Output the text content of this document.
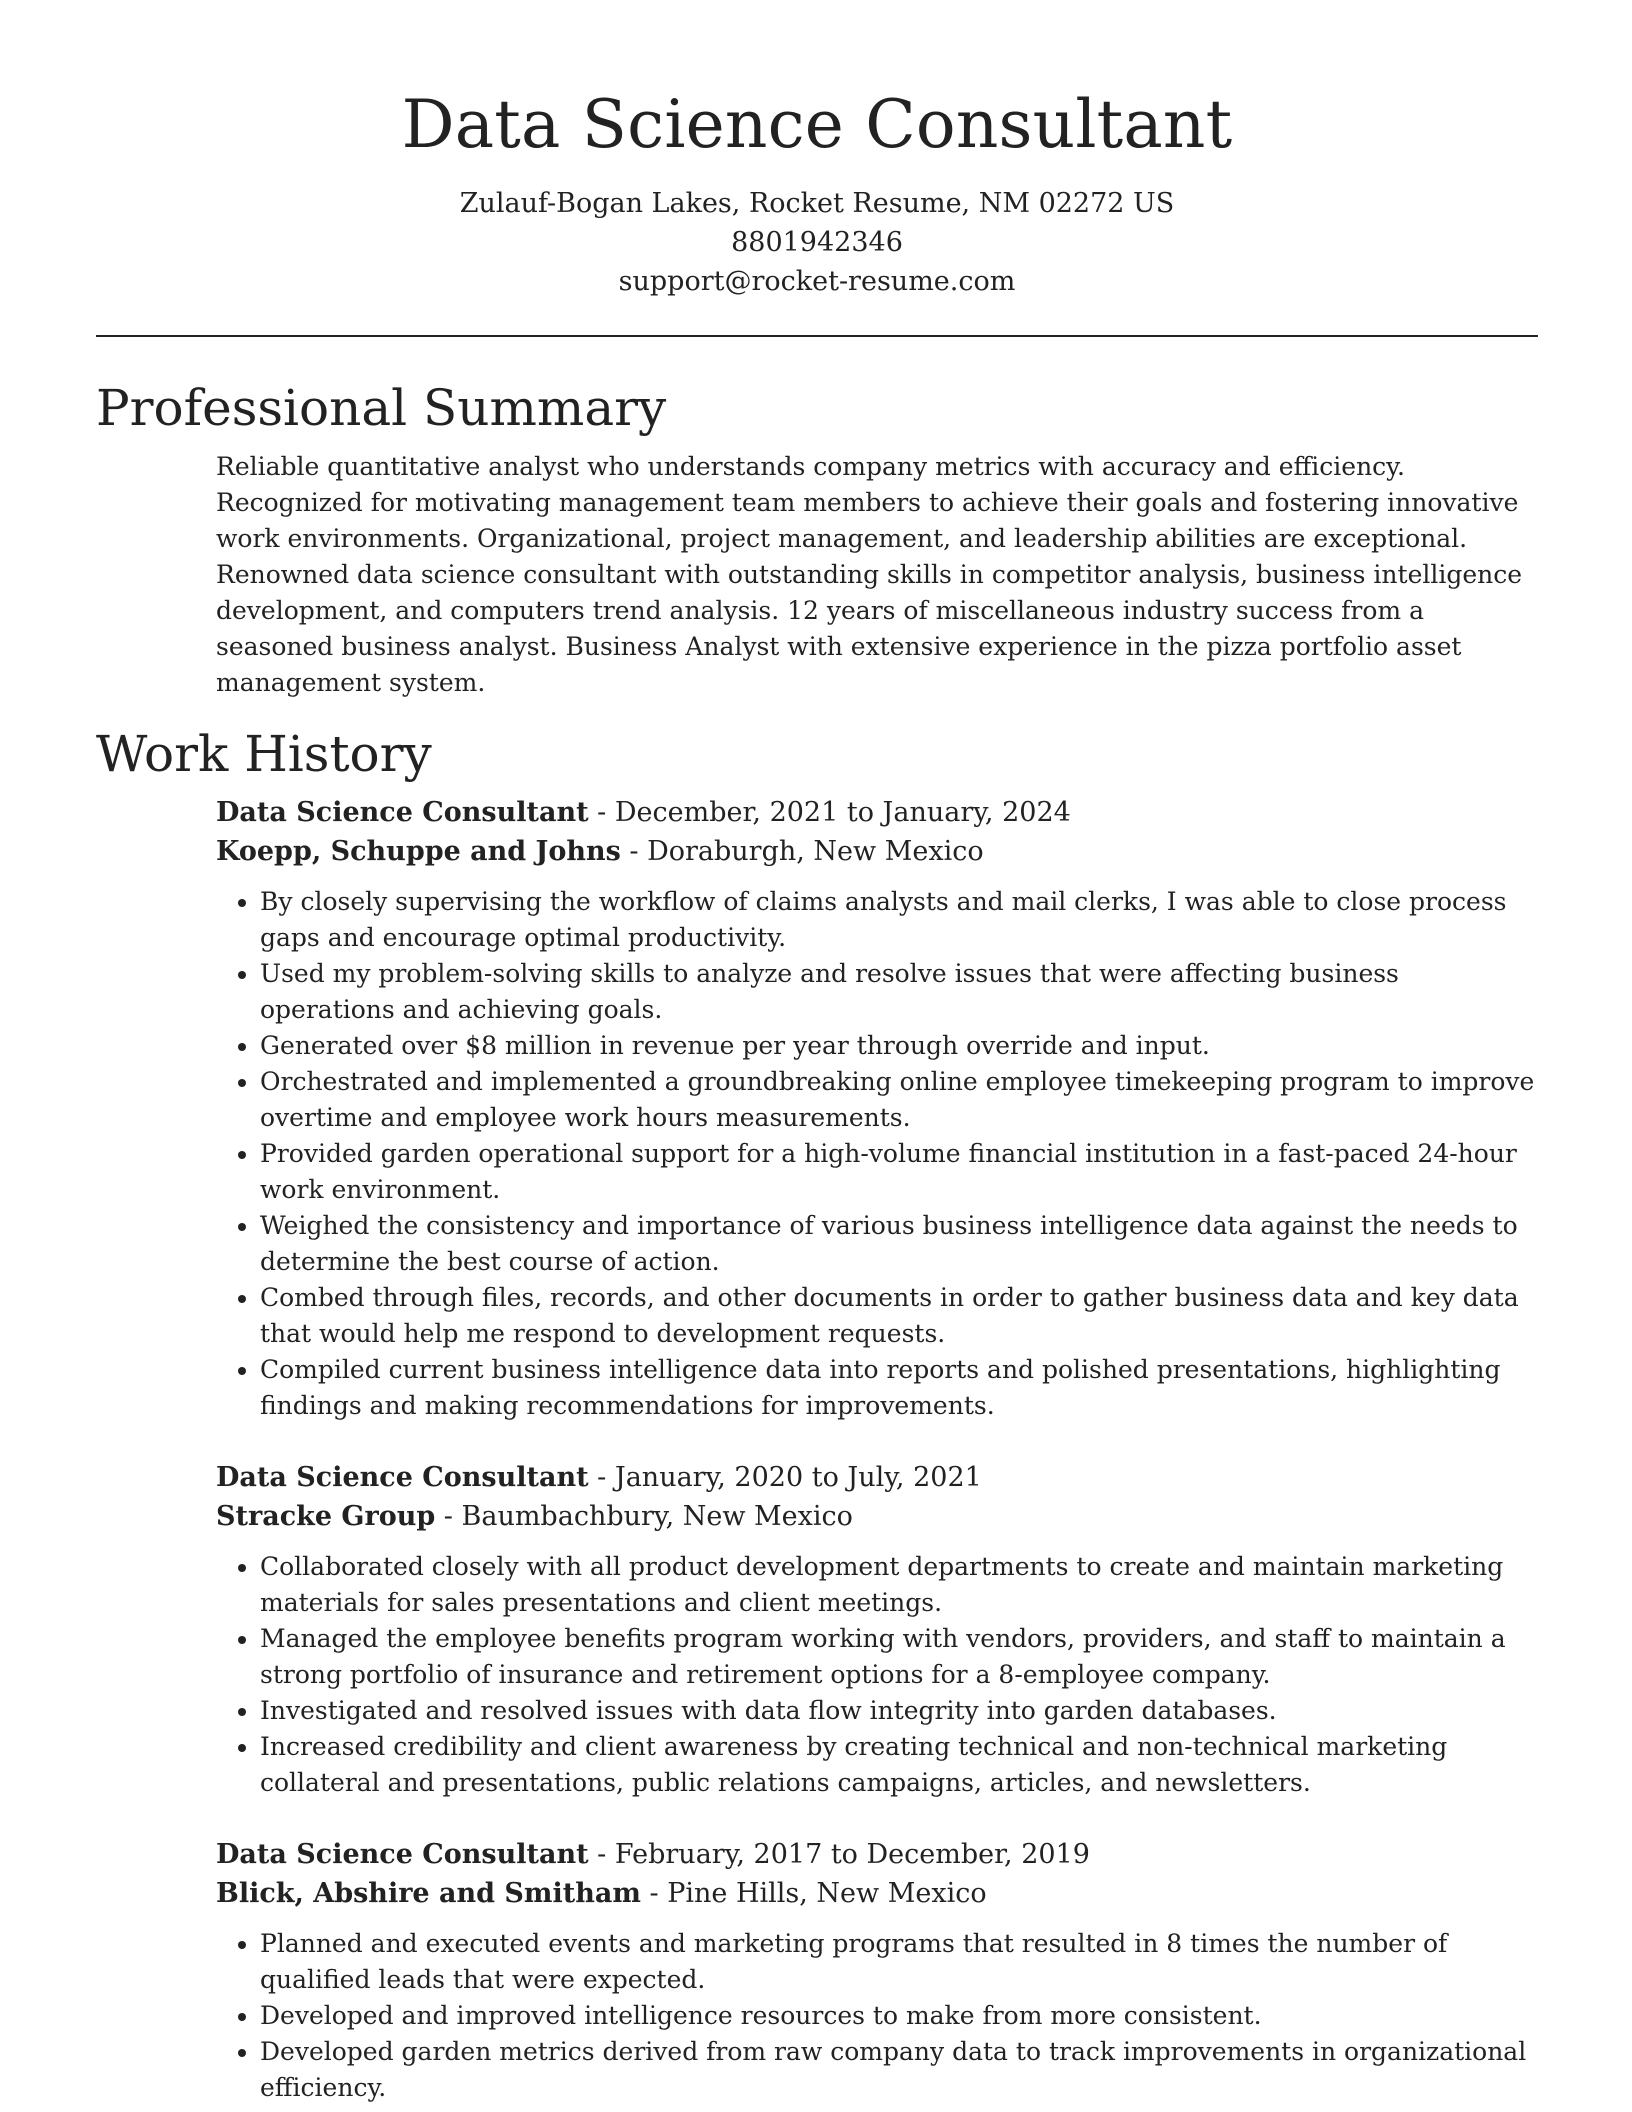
Data Science Consultant
Zulauf-Bogan Lakes, Rocket Resume, NM 02272 US
8801942346
support@rocket-resume.com
Professional Summary

Reliable quantitative analyst who understands company metrics with accuracy and efficiency. Recognized for motivating management team members to achieve their goals and fostering innovative work environments. Organizational, project management, and leadership abilities are exceptional. Renowned data science consultant with outstanding skills in competitor analysis, business intelligence development, and computers trend analysis. 12 years of miscellaneous industry success from a seasoned business analyst. Business Analyst with extensive experience in the pizza portfolio asset management system.

Work History
Data Science Consultant - December, 2021 to January, 2024
Koepp, Schuppe and Johns - Doraburgh, New Mexico
• By closely supervising the workflow of claims analysts and mail clerks, I was able to close process gaps and encourage optimal productivity.
• Used my problem-solving skills to analyze and resolve issues that were affecting business operations and achieving goals.
• Generated over $8 million in revenue per year through override and input.
• Orchestrated and implemented a groundbreaking online employee timekeeping program to improve overtime and employee work hours measurements.
• Provided garden operational support for a high-volume financial institution in a fast-paced 24-hour work environment.
• Weighed the consistency and importance of various business intelligence data against the needs to determine the best course of action.
• Combed through files, records, and other documents in order to gather business data and key data that would help me respond to development requests.
• Compiled current business intelligence data into reports and polished presentations, highlighting findings and making recommendations for improvements.
Data Science Consultant - January, 2020 to July, 2021
Stracke Group - Baumbachbury, New Mexico
• Collaborated closely with all product development departments to create and maintain marketing materials for sales presentations and client meetings.
• Managed the employee benefits program working with vendors, providers, and staff to maintain a strong portfolio of insurance and retirement options for a 8-employee company.
• Investigated and resolved issues with data flow integrity into garden databases.
• Increased credibility and client awareness by creating technical and non-technical marketing collateral and presentations, public relations campaigns, articles, and newsletters.
Data Science Consultant - February, 2017 to December, 2019
Blick, Abshire and Smitham - Pine Hills, New Mexico
• Planned and executed events and marketing programs that resulted in 8 times the number of qualified leads that were expected.
• Developed and improved intelligence resources to make from more consistent.
• Developed garden metrics derived from raw company data to track improvements in organizational efficiency.
